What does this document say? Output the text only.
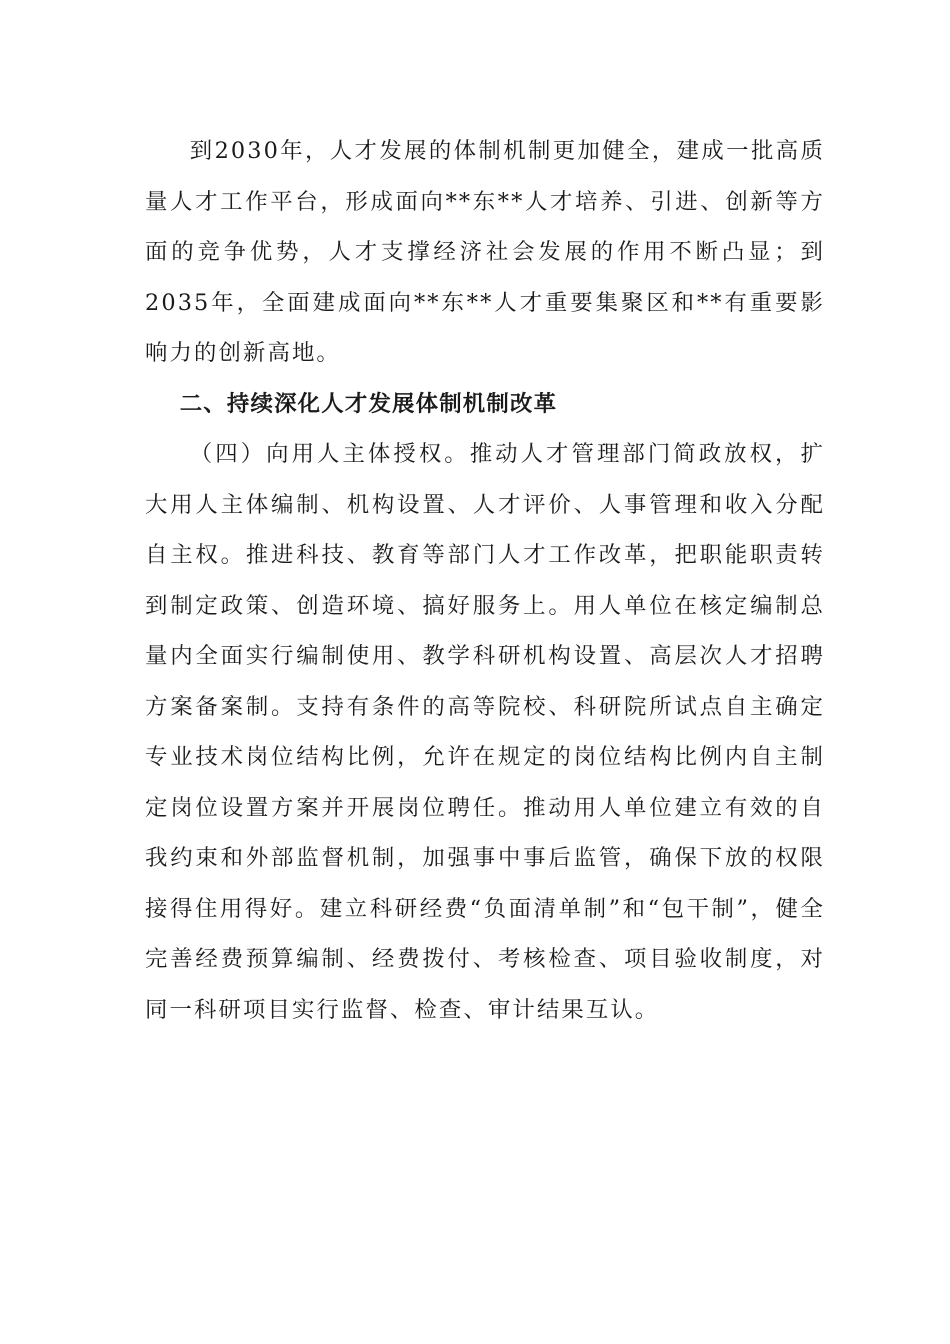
到2030年，人才发展的体制机制更加健全，建成一批高质量人才工作平台，形成面向**东**人才培养、引进、创新等方面的竞争优势，人才支撑经济社会发展的作用不断凸显；到2035年，全面建成面向**东**人才重要集聚区和**有重要影响力的创新高地。

二、持续深化人才发展体制机制改革

（四）向用人主体授权。推动人才管理部门简政放权，扩大用人主体编制、机构设置、人才评价、人事管理和收入分配自主权。推进科技、教育等部门人才工作改革，把职能职责转到制定政策、创造环境、搞好服务上。用人单位在核定编制总量内全面实行编制使用、教学科研机构设置、高层次人才招聘方案备案制。支持有条件的高等院校、科研院所试点自主确定专业技术岗位结构比例，允许在规定的岗位结构比例内自主制定岗位设置方案并开展岗位聘任。推动用人单位建立有效的自我约束和外部监督机制，加强事中事后监管，确保下放的权限接得住用得好。建立科研经费“负面清单制”和“包干制”，健全完善经费预算编制、经费拨付、考核检查、项目验收制度，对同一科研项目实行监督、检查、审计结果互认。
